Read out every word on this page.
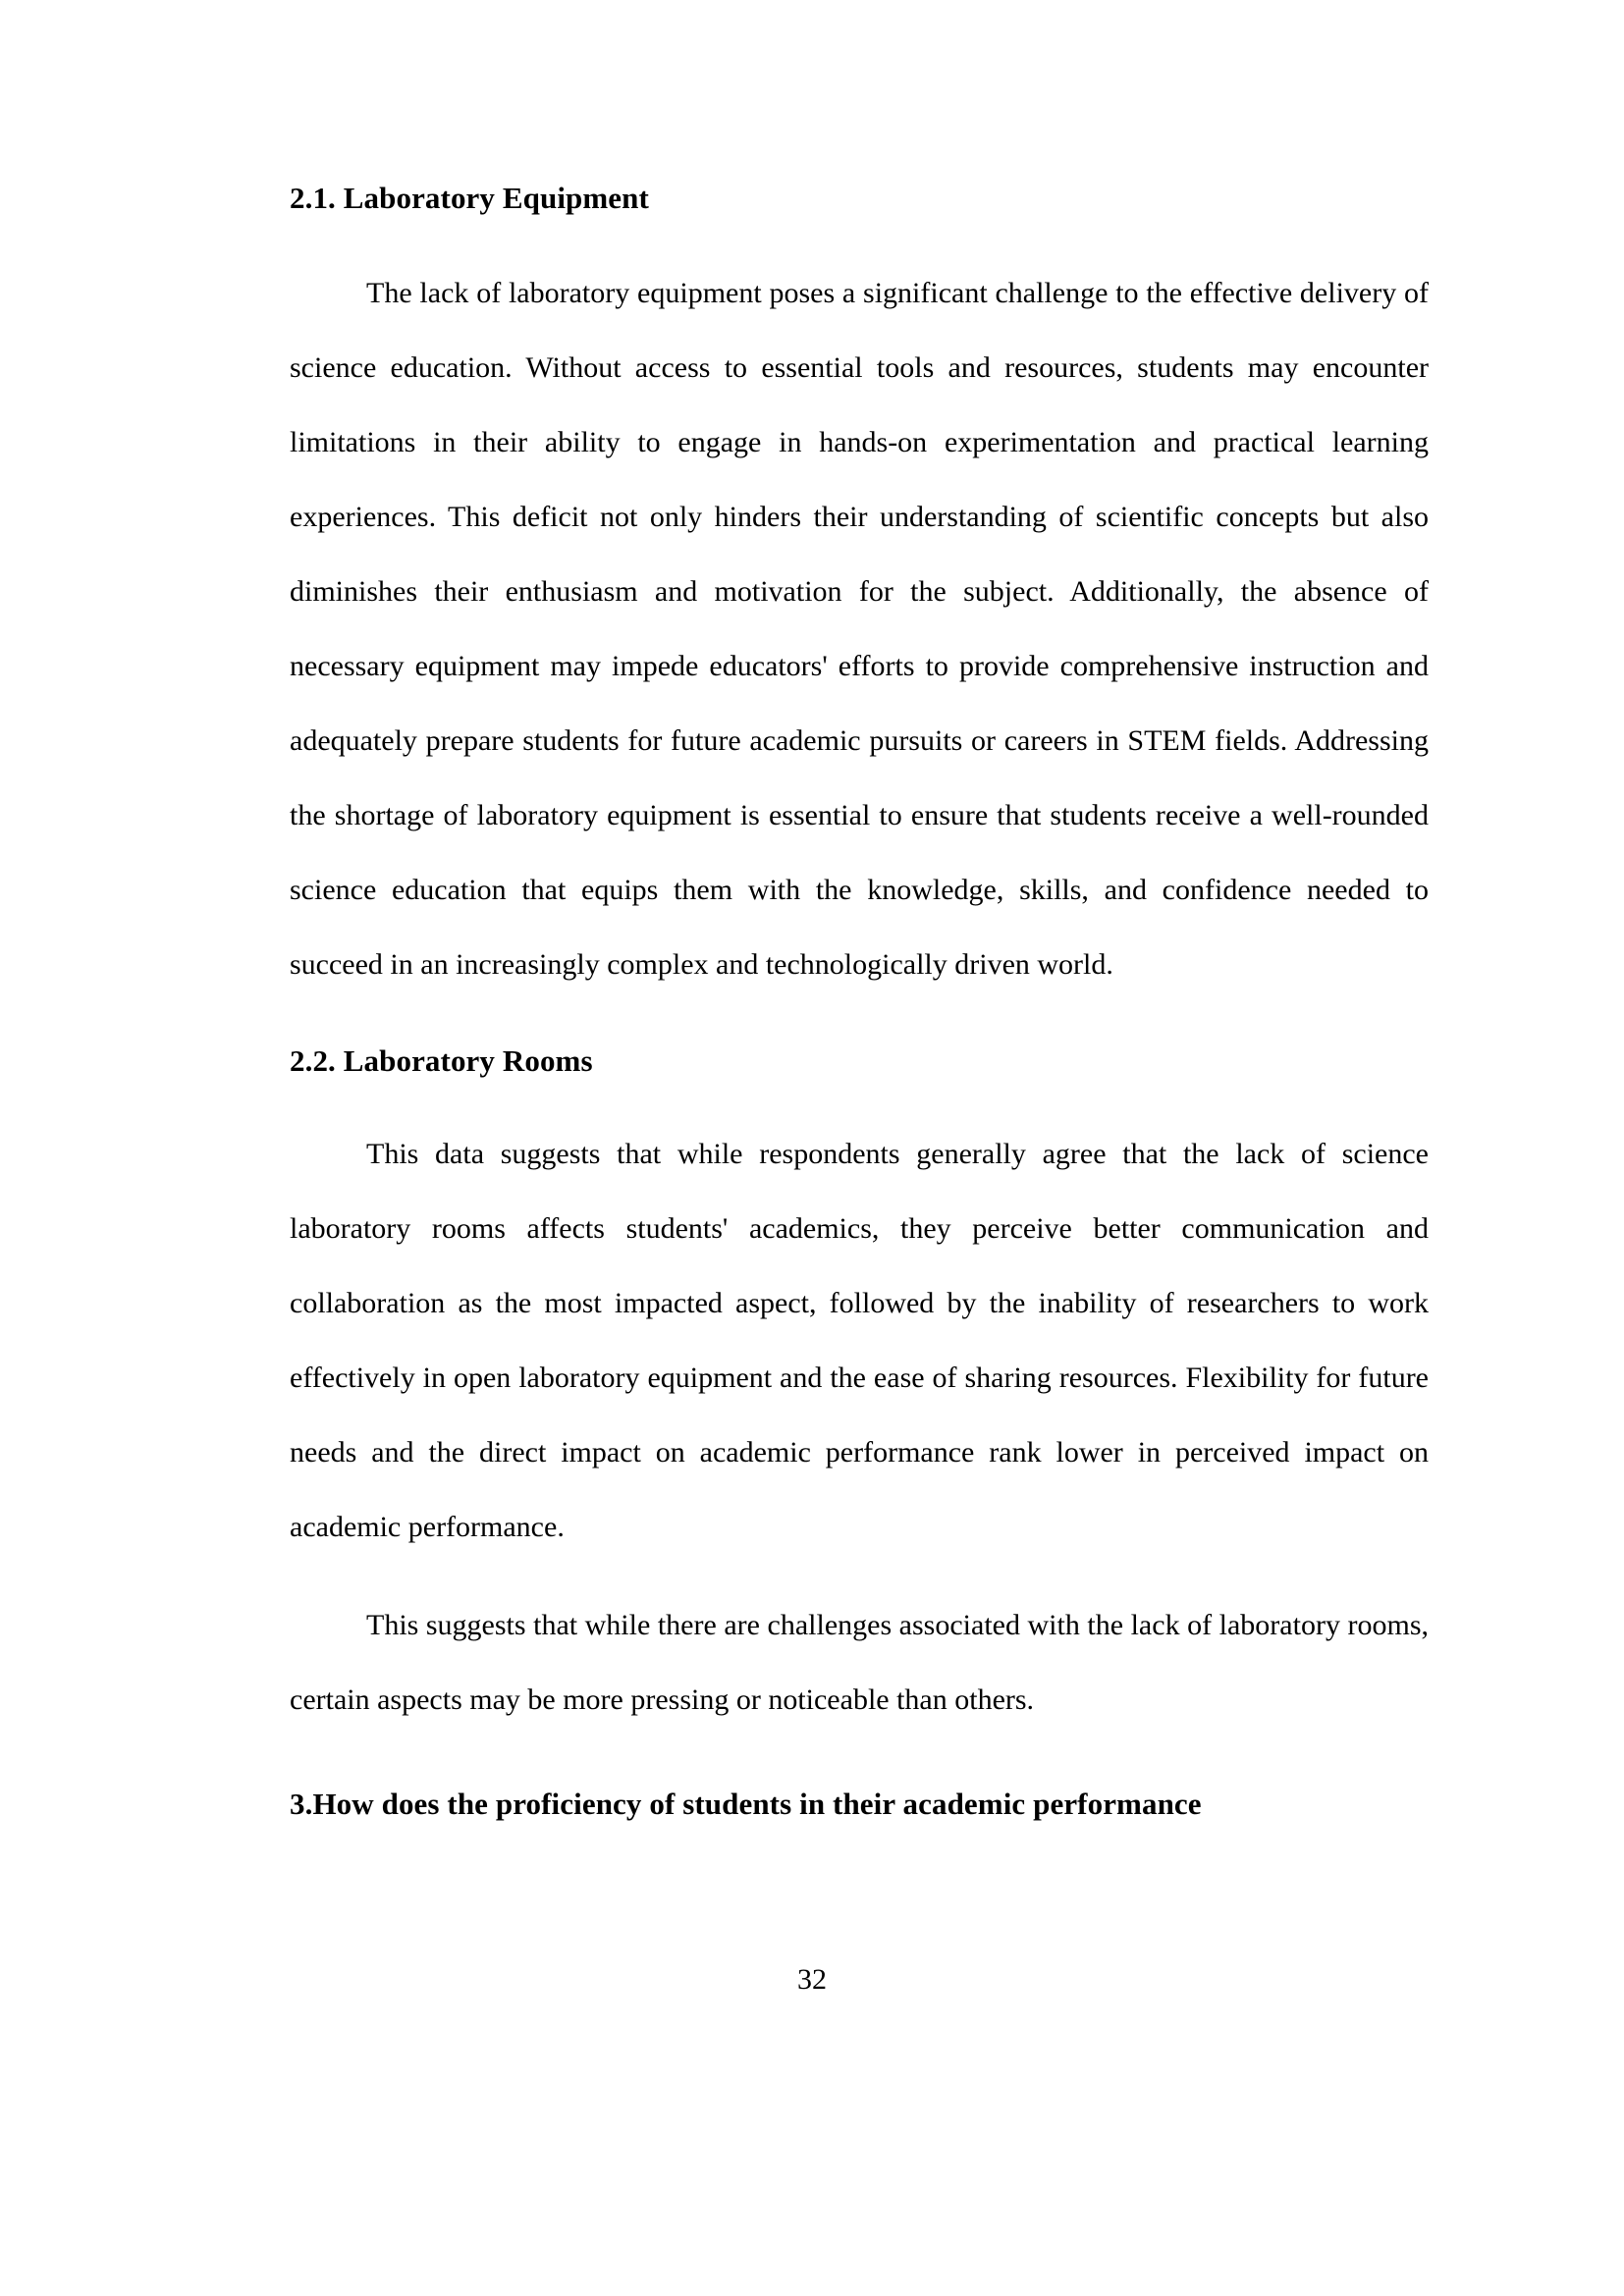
2.1. Laboratory Equipment

The lack of laboratory equipment poses a significant challenge to the effective delivery of science education. Without access to essential tools and resources, students may encounter limitations in their ability to engage in hands-on experimentation and practical learning experiences. This deficit not only hinders their understanding of scientific concepts but also diminishes their enthusiasm and motivation for the subject. Additionally, the absence of necessary equipment may impede educators' efforts to provide comprehensive instruction and adequately prepare students for future academic pursuits or careers in STEM fields. Addressing the shortage of laboratory equipment is essential to ensure that students receive a well-rounded science education that equips them with the knowledge, skills, and confidence needed to succeed in an increasingly complex and technologically driven world.

2.2. Laboratory Rooms

This data suggests that while respondents generally agree that the lack of science laboratory rooms affects students' academics, they perceive better communication and collaboration as the most impacted aspect, followed by the inability of researchers to work effectively in open laboratory equipment and the ease of sharing resources. Flexibility for future needs and the direct impact on academic performance rank lower in perceived impact on academic performance.

This suggests that while there are challenges associated with the lack of laboratory rooms, certain aspects may be more pressing or noticeable than others.

3.How does the proficiency of students in their academic performance
32
